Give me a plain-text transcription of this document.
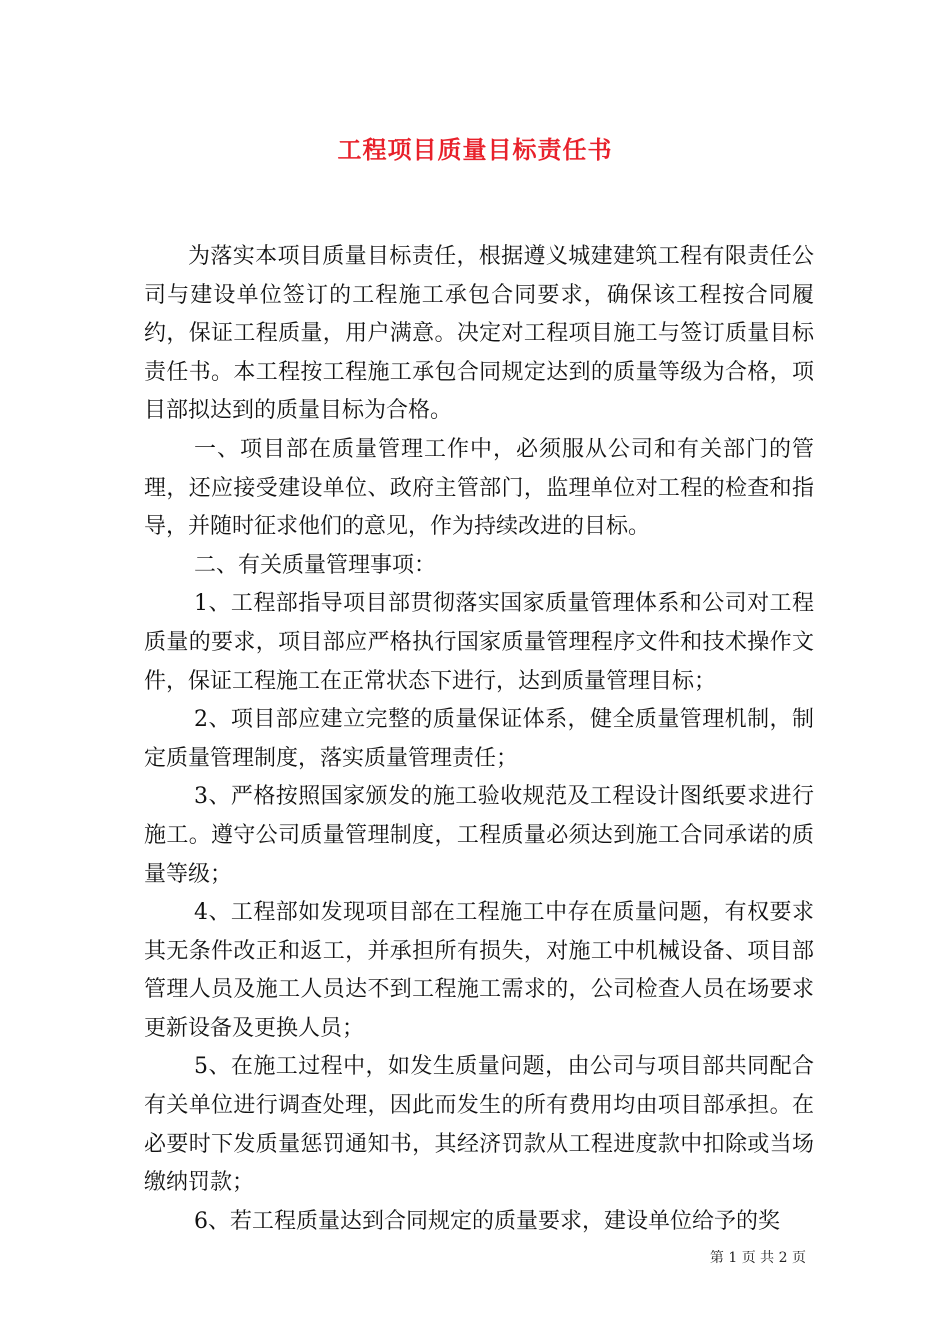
工程项目质量目标责任书

为落实本项目质量目标责任，根据遵义城建建筑工程有限责任公司与建设单位签订的工程施工承包合同要求，确保该工程按合同履约，保证工程质量，用户满意。决定对工程项目施工与签订质量目标责任书。本工程按工程施工承包合同规定达到的质量等级为合格，项目部拟达到的质量目标为合格。

一、项目部在质量管理工作中，必须服从公司和有关部门的管理，还应接受建设单位、政府主管部门，监理单位对工程的检查和指导，并随时征求他们的意见，作为持续改进的目标。

二、有关质量管理事项：

1、工程部指导项目部贯彻落实国家质量管理体系和公司对工程质量的要求，项目部应严格执行国家质量管理程序文件和技术操作文件，保证工程施工在正常状态下进行，达到质量管理目标；

2、项目部应建立完整的质量保证体系，健全质量管理机制，制定质量管理制度，落实质量管理责任；

3、严格按照国家颁发的施工验收规范及工程设计图纸要求进行施工。遵守公司质量管理制度，工程质量必须达到施工合同承诺的质量等级；

4、工程部如发现项目部在工程施工中存在质量问题，有权要求其无条件改正和返工，并承担所有损失，对施工中机械设备、项目部管理人员及施工人员达不到工程施工需求的，公司检查人员在场要求更新设备及更换人员；

5、在施工过程中，如发生质量问题，由公司与项目部共同配合有关单位进行调查处理，因此而发生的所有费用均由项目部承担。在必要时下发质量惩罚通知书，其经济罚款从工程进度款中扣除或当场缴纳罚款；

6、若工程质量达到合同规定的质量要求，建设单位给予的奖

第 1 页 共 2 页
